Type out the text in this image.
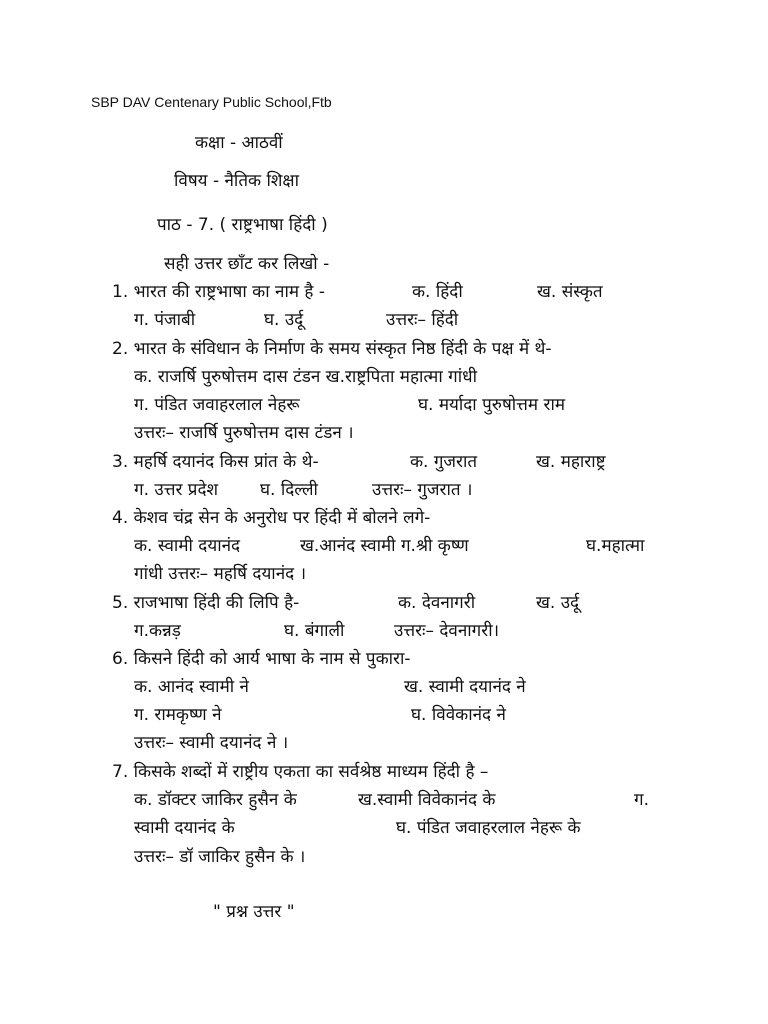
SBP DAV Centenary Public School,Ftb
कक्षा - आठवीं
विषय - नैतिक शिक्षा
पाठ - 7. ( राष्ट्रभाषा हिंदी )
सही उत्तर छाँट कर लिखो -
1. भारत की राष्ट्रभाषा का नाम है -	क. हिंदी	ख. संस्कृत
ग. पंजाबी	घ. उर्दू	उत्तरः– हिंदी
2. भारत के संविधान के निर्माण के समय संस्कृत निष्ठ हिंदी के पक्ष में थे-
क. राजर्षि पुरुषोत्तम दास टंडन ख.राष्ट्रपिता महात्मा गांधी
ग. पंडित जवाहरलाल नेहरू	घ. मर्यादा पुरुषोत्तम राम
उत्तरः– राजर्षि पुरुषोत्तम दास टंडन ।
3. महर्षि दयानंद किस प्रांत के थे-	क. गुजरात	ख. महाराष्ट्र
ग. उत्तर प्रदेश घ. दिल्ली	उत्तरः– गुजरात ।
4. केशव चंद्र सेन के अनुरोध पर हिंदी में बोलने लगे-
क. स्वामी दयानंद	ख.आनंद स्वामी ग.श्री कृष्ण	घ.महात्मा
गांधी उत्तरः– महर्षि दयानंद ।
5. राजभाषा हिंदी की लिपि है-	क. देवनागरी	ख. उर्दू
ग.कन्नड़	घ. बंगाली	उत्तरः– देवनागरी।
6. किसने हिंदी को आर्य भाषा के नाम से पुकारा-
क. आनंद स्वामी ने	ख. स्वामी दयानंद ने
ग. रामकृष्ण ने	घ. विवेकानंद ने
उत्तरः– स्वामी दयानंद ने ।
7. किसके शब्दों में राष्ट्रीय एकता का सर्वश्रेष्ठ माध्यम हिंदी है –
क. डॉक्टर जाकिर हुसैन के	ख.स्वामी विवेकानंद के	ग.
स्वामी दयानंद के	घ. पंडित जवाहरलाल नेहरू के
उत्तरः– डॉ जाकिर हुसैन के ।
" प्रश्न उत्तर "
